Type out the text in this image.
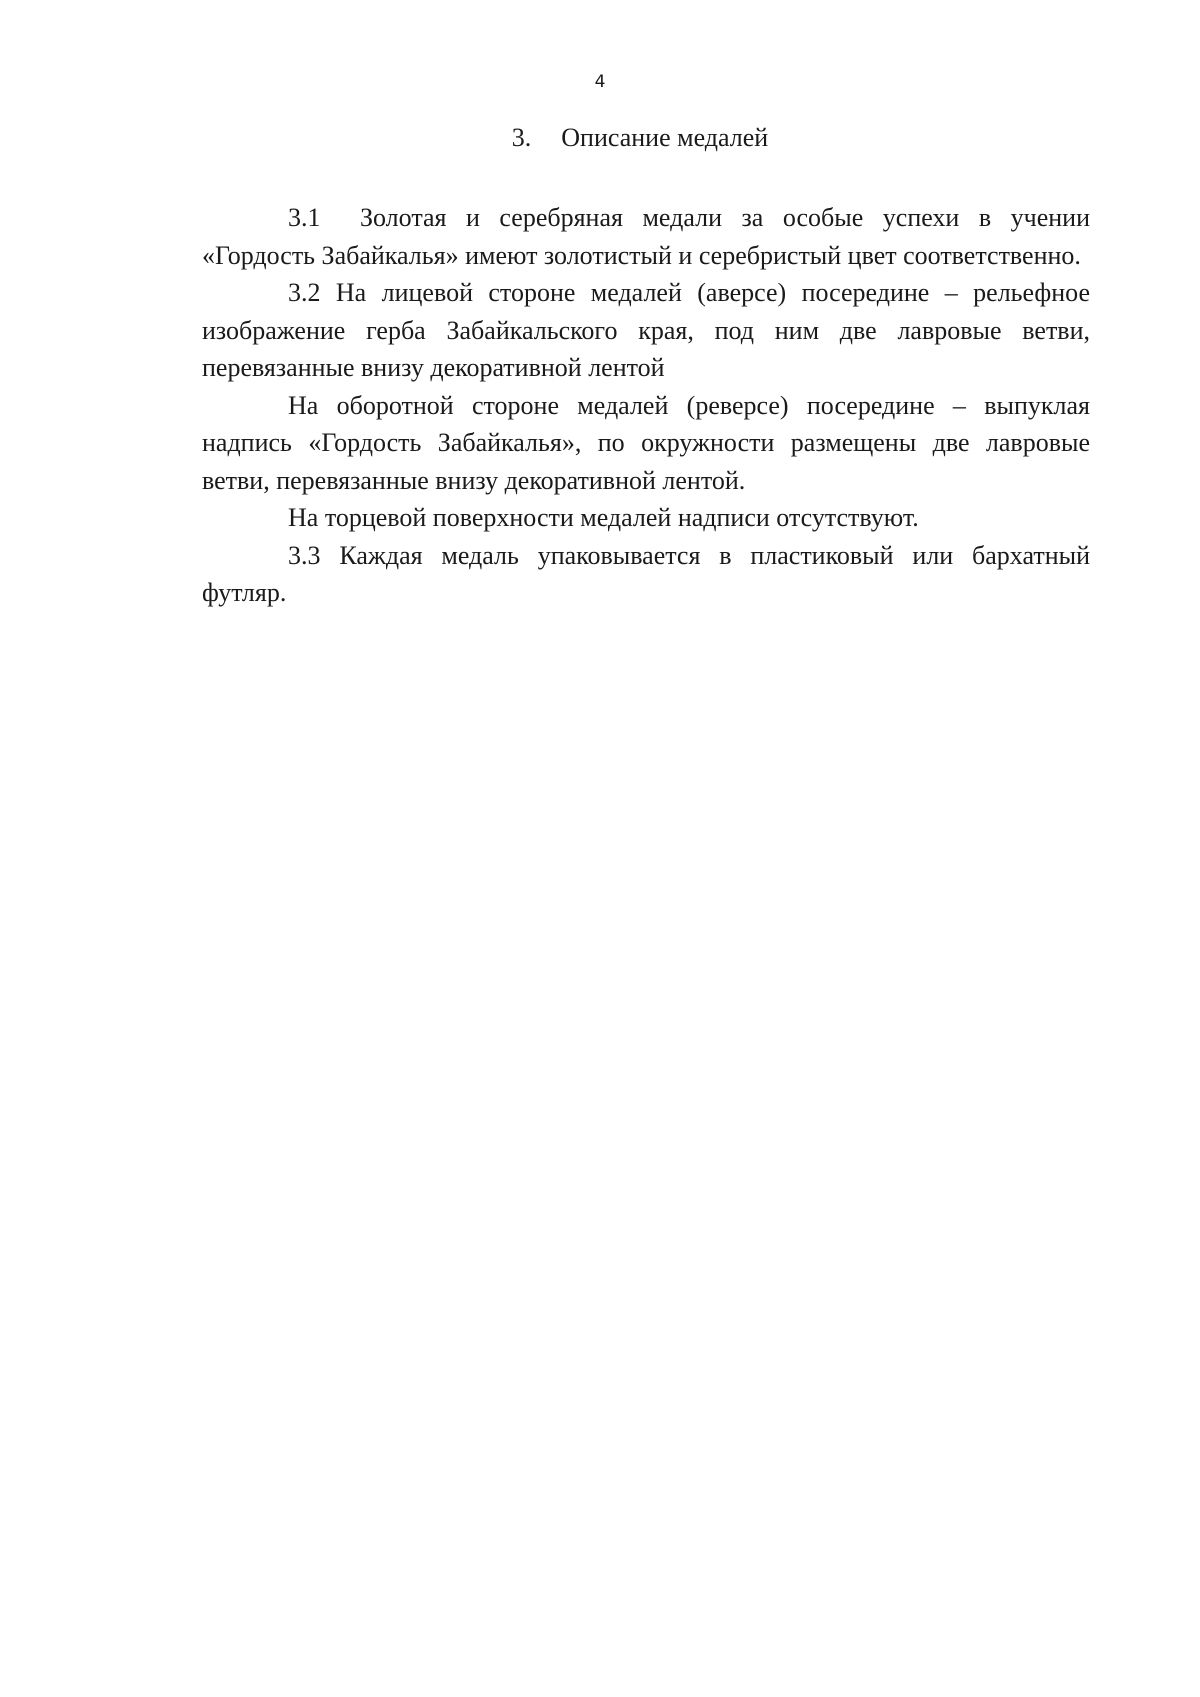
4
3. Описание медалей

3.1 Золотая и серебряная медали за особые успехи в учении «Гордость Забайкалья» имеют золотистый и серебристый цвет соответственно.

3.2 На лицевой стороне медалей (аверсе) посередине – рельефное изображение герба Забайкальского края, под ним две лавровые ветви, перевязанные внизу декоративной лентой

На оборотной стороне медалей (реверсе) посередине – выпуклая надпись «Гордость Забайкалья», по окружности размещены две лавровые ветви, перевязанные внизу декоративной лентой.

На торцевой поверхности медалей надписи отсутствуют.

3.3 Каждая медаль упаковывается в пластиковый или бархатный футляр.
